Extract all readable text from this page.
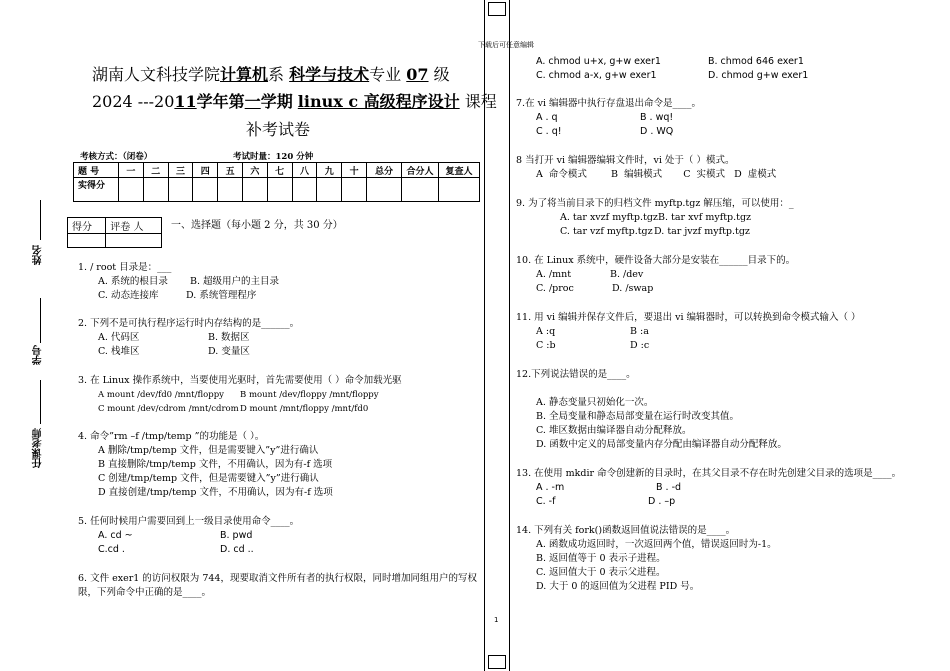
下载后可任意编辑
1
姓名
学号
任课老师
湖南人文科技学院计算机系 科学与技术专业 07 级
2024 ---2011学年第一学期 linux c 高级程序设计 课程
补考试卷
考核方式：（闭卷）	考试时量：120 分钟
题 号	一	二	三	四	五	六	七	八	九	十	总分	合分人	复查人
实得分													
得分	评卷 人
		一、选择题（每小题 2 分，共 30 分）
1. / root 目录是：___
A. 系统的根目录 B. 超级用户的主目录
C. 动态连接库	D. 系统管理程序
2. 下列不是可执行程序运行时内存结构的是______。
A. 代码区	B. 数据区
C. 栈堆区	D. 变量区
3. 在 Linux 操作系统中，当要使用光驱时，首先需要使用（ ）命令加载光驱
A mount /dev/fd0 /mnt/floppy B mount /dev/floppy /mnt/floppy
C mount /dev/cdrom /mnt/cdromD mount /mnt/floppy /mnt/fd0
4. 命令”rm –f /tmp/temp ”的功能是（ ）。
A 删除/tmp/temp 文件，但是需要键入”y”进行确认
B 直接删除/tmp/temp 文件，不用确认，因为有-f 选项
C 创建/tmp/temp 文件，但是需要键入”y”进行确认
D 直接创建/tmp/temp 文件，不用确认，因为有-f 选项
5. 任何时候用户需要回到上一级目录使用命令____。
A. cd ~	B. pwd
C.cd .	D. cd ..
6. 文件 exer1 的访问权限为 744，现要取消文件所有者的执行权限，同时增加同组用户的写权限，下列命令中正确的是____。
A. chmod u+x, g+w exer1	B. chmod 646 exer1
C. chmod a-x, g+w exer1	D. chmod g+w exer1
7.在 vi 编辑器中执行存盘退出命令是____。
A . q	B . wq!
C . q!	D . WQ
8 当打开 vi 编辑器编辑文件时，vi 处于（ ）模式。
A  命令模式        B  编辑模式       C  实模式   D  虚模式
9. 为了将当前目录下的归档文件 myftp.tgz 解压缩，可以使用：_
A. tar xvzf myftp.tgzB. tar xvf myftp.tgz
C. tar vzf myftp.tgzD. tar jvzf myftp.tgz
10. 在 Linux 系统中，硬件设备大部分是安装在______目录下的。
A. /mnt	B. /dev
C. /proc	D. /swap
11. 用 vi 编辑并保存文件后，要退出 vi 编辑器时，可以转换到命令模式输入（ ）
A :q	B :a
C :b	D :c
12.下列说法错误的是____。
A. 静态变量只初始化一次。
B. 全局变量和静态局部变量在运行时改变其值。
C. 堆区数据由编译器自动分配释放。
D. 函数中定义的局部变量内存分配由编译器自动分配释放。
13. 在使用 mkdir 命令创建新的目录时，在其父目录不存在时先创建父目录的选项是____。
A . -m	B . -d
C. -f	D . –p
14. 下列有关 fork()函数返回值说法错误的是____。
A. 函数成功返回时，一次返回两个值，错误返回时为-1。
B. 返回值等于 0 表示子进程。
C. 返回值大于 0 表示父进程。
D. 大于 0 的返回值为父进程 PID 号。
